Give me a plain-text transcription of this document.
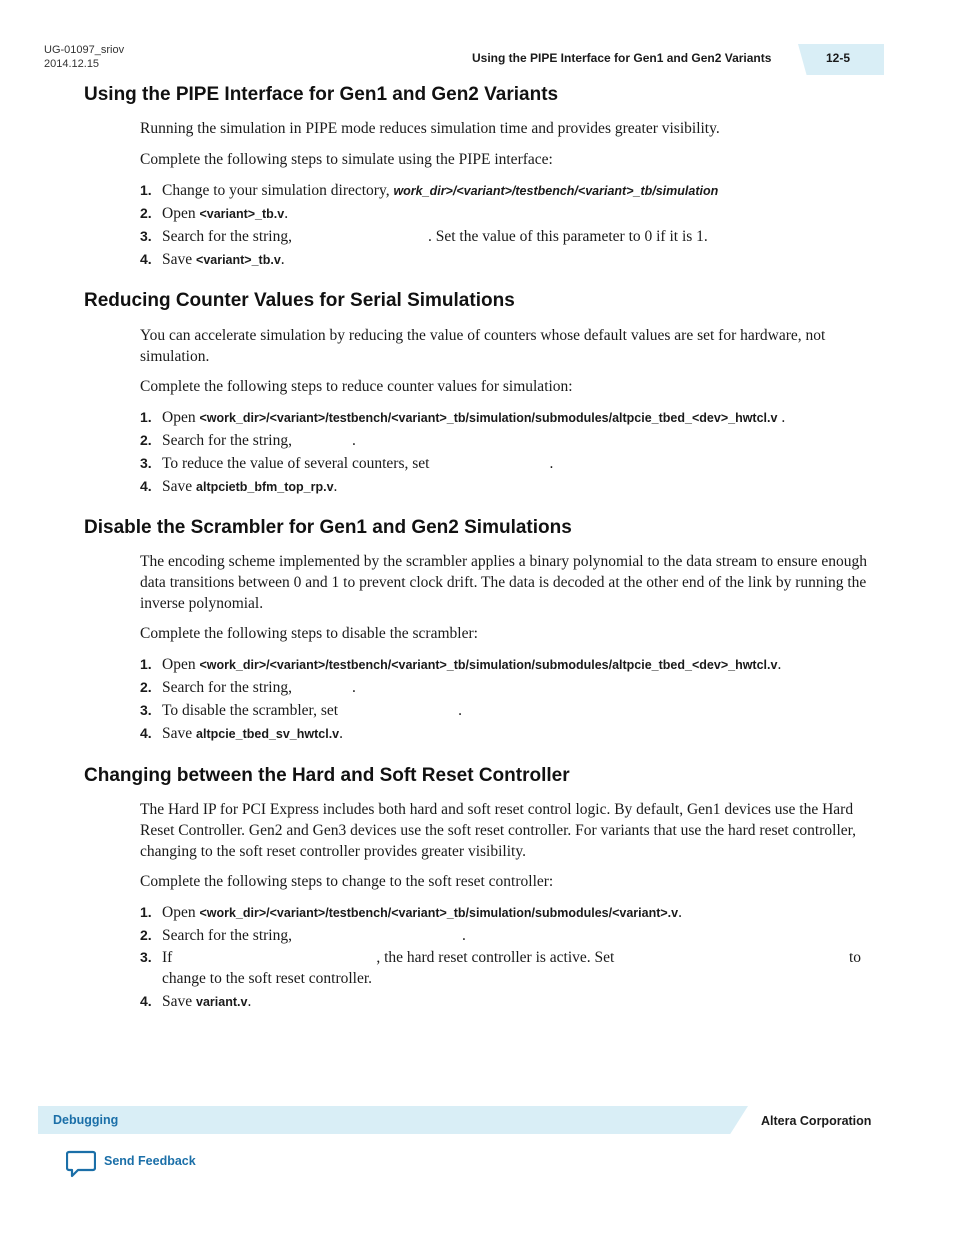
UG-01097_sriov
2014.12.15	Using the PIPE Interface for Gen1 and Gen2 Variants	12-5
Using the PIPE Interface for Gen1 and Gen2 Variants

Running the simulation in PIPE mode reduces simulation time and provides greater visibility.

Complete the following steps to simulate using the PIPE interface:

1. Change to your simulation directory, work_dir>/<variant>/testbench/<variant>_tb/simulation
2. Open <variant>_tb.v.
3. Search for the string,	. Set the value of this parameter to 0 if it is 1.
4. Save <variant>_tb.v.
Reducing Counter Values for Serial Simulations

You can accelerate simulation by reducing the value of counters whose default values are set for hardware, not simulation.

Complete the following steps to reduce counter values for simulation:

1. Open <work_dir>/<variant>/testbench/<variant>_tb/simulation/submodules/altpcie_tbed_<dev>_hwtcl.v .
2. Search for the string,	.
3. To reduce the value of several counters, set	.
4. Save altpcietb_bfm_top_rp.v.
Disable the Scrambler for Gen1 and Gen2 Simulations

The encoding scheme implemented by the scrambler applies a binary polynomial to the data stream to ensure enough data transitions between 0 and 1 to prevent clock drift. The data is decoded at the other end of the link by running the inverse polynomial.

Complete the following steps to disable the scrambler:

1. Open <work_dir>/<variant>/testbench/<variant>_tb/simulation/submodules/altpcie_tbed_<dev>_hwtcl.v.
2. Search for the string,	.
3. To disable the scrambler, set	.
4. Save altpcie_tbed_sv_hwtcl.v.
Changing between the Hard and Soft Reset Controller

The Hard IP for PCI Express includes both hard and soft reset control logic. By default, Gen1 devices use the Hard Reset Controller. Gen2 and Gen3 devices use the soft reset controller. For variants that use the hard reset controller, changing to the soft reset controller provides greater visibility.

Complete the following steps to change to the soft reset controller:

1. Open <work_dir>/<variant>/testbench/<variant>_tb/simulation/submodules/<variant>.v.
2. Search for the string,	.
3. If	, the hard reset controller is active. Set	to
change to the soft reset controller.
4. Save variant.v.
Debugging	Altera Corporation
Send Feedback
